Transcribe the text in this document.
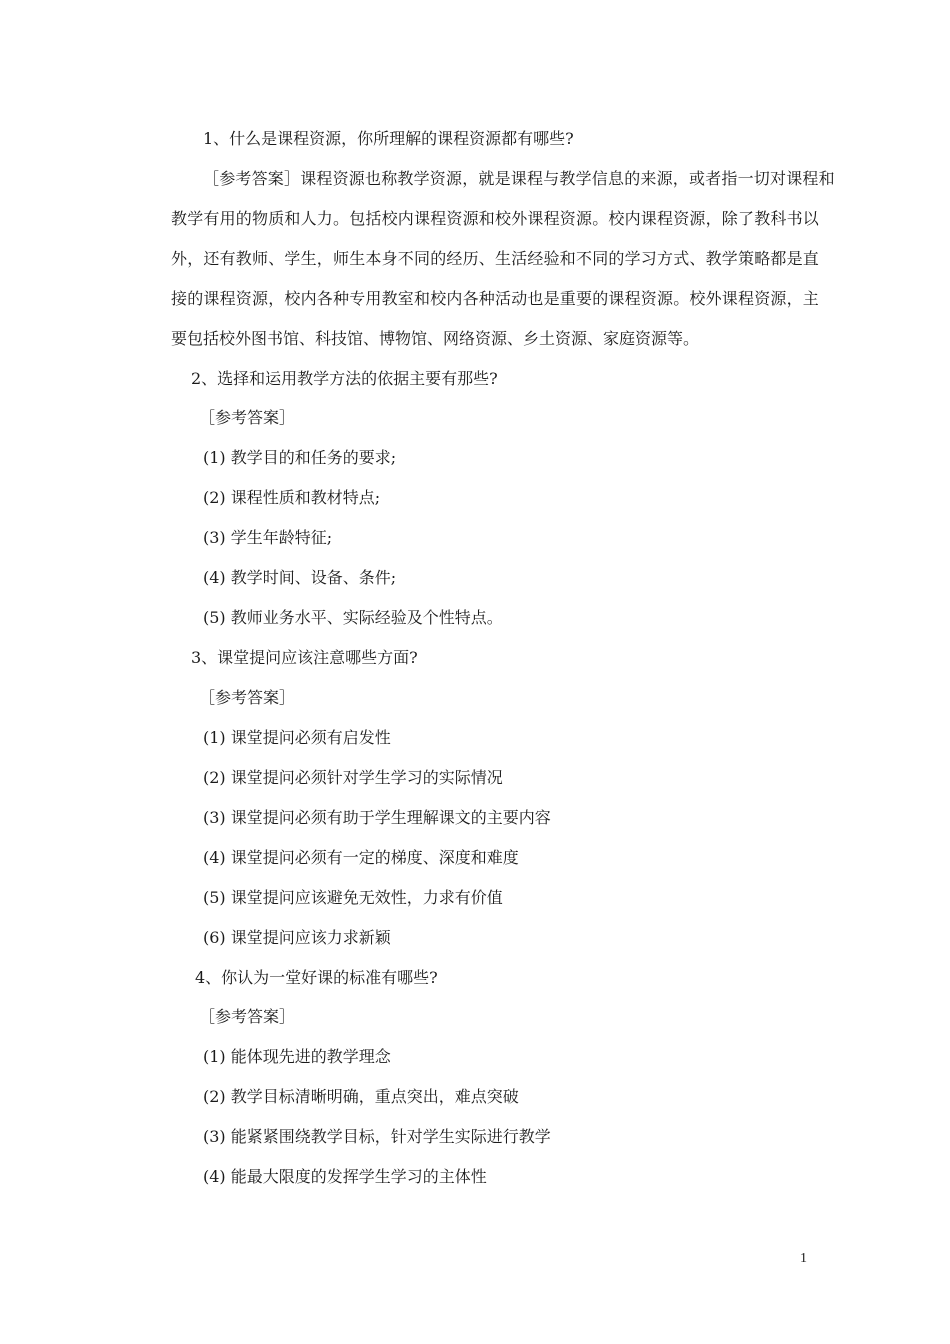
1、什么是课程资源，你所理解的课程资源都有哪些?
［参考答案］课程资源也称教学资源，就是课程与教学信息的来源，或者指一切对课程和
教学有用的物质和人力。包括校内课程资源和校外课程资源。校内课程资源，除了教科书以
外，还有教师、学生，师生本身不同的经历、生活经验和不同的学习方式、教学策略都是直
接的课程资源，校内各种专用教室和校内各种活动也是重要的课程资源。校外课程资源，主
要包括校外图书馆、科技馆、博物馆、网络资源、乡土资源、家庭资源等。
2、选择和运用教学方法的依据主要有那些?
［参考答案］
(1) 教学目的和任务的要求;
(2) 课程性质和教材特点;
(3) 学生年龄特征;
(4) 教学时间、设备、条件;
(5) 教师业务水平、实际经验及个性特点。
3、课堂提问应该注意哪些方面?
［参考答案］
(1) 课堂提问必须有启发性
(2) 课堂提问必须针对学生学习的实际情况
(3) 课堂提问必须有助于学生理解课文的主要内容
(4) 课堂提问必须有一定的梯度、深度和难度
(5) 课堂提问应该避免无效性，力求有价值
(6) 课堂提问应该力求新颖
4、你认为一堂好课的标准有哪些?
［参考答案］
(1) 能体现先进的教学理念
(2) 教学目标清晰明确，重点突出，难点突破
(3) 能紧紧围绕教学目标，针对学生实际进行教学
(4) 能最大限度的发挥学生学习的主体性
1
